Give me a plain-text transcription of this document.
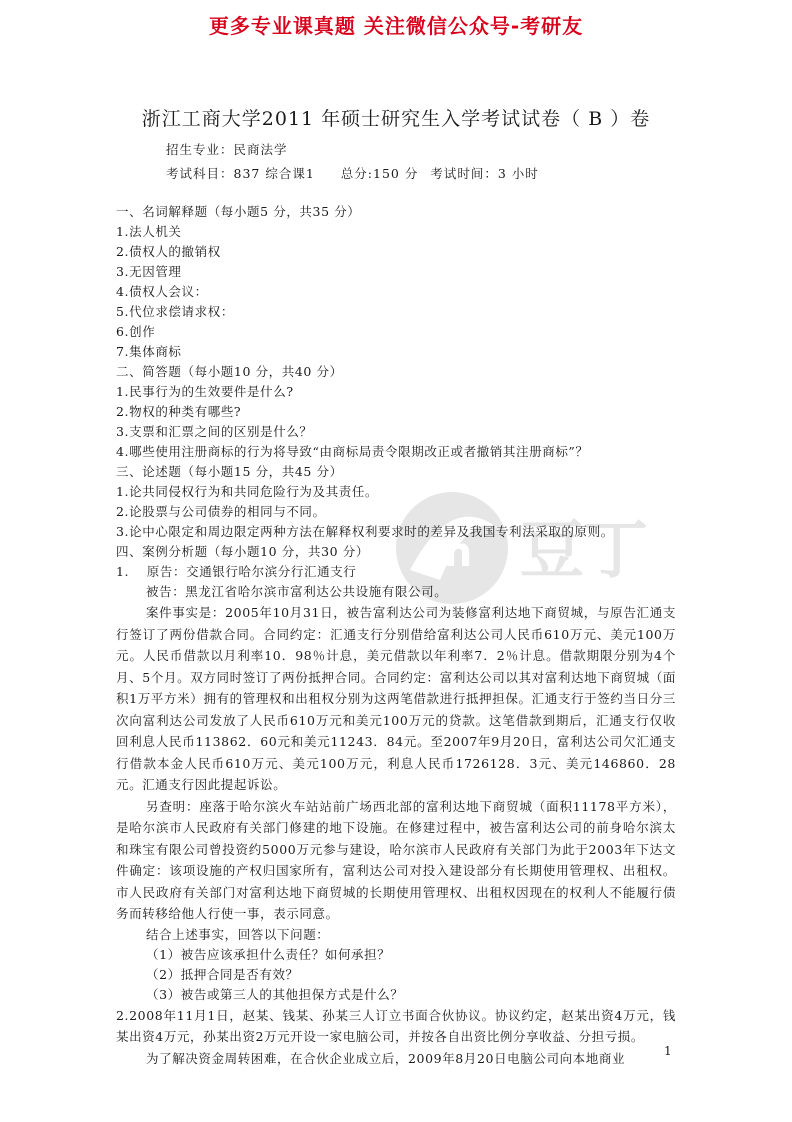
更多专业课真题 关注微信公众号-考研友
in 豆丁
浙江工商大学2011 年硕士研究生入学考试试卷（ B ）卷
招生专业：民商法学
考试科目：837 综合课1 总分:150 分 考试时间：3 小时
一、名词解释题（每小题5 分，共35 分）
1.法人机关
2.债权人的撤销权
3.无因管理
4.债权人会议：
5.代位求偿请求权：
6.创作
7.集体商标
二、简答题（每小题10 分，共40 分）
1.民事行为的生效要件是什么?
2.物权的种类有哪些?
3.支票和汇票之间的区别是什么？
4.哪些使用注册商标的行为将导致“由商标局责令限期改正或者撤销其注册商标”？
三、论述题（每小题15 分，共45 分）
1.论共同侵权行为和共同危险行为及其责任。
2.论股票与公司债券的相同与不同。
3.论中心限定和周边限定两种方法在解释权利要求时的差异及我国专利法采取的原则。
四、案例分析题（每小题10 分，共30 分）
1.　 原告：交通银行哈尔滨分行汇通支行
被告：黑龙江省哈尔滨市富利达公共设施有限公司。
案件事实是：2005年10月31日，被告富利达公司为装修富利达地下商贸城，与原告汇通支行签订了两份借款合同。合同约定：汇通支行分别借给富利达公司人民币610万元、美元100万元。人民币借款以月利率10．98％计息，美元借款以年利率7．2％计息。借款期限分别为4个月、5个月。双方同时签订了两份抵押合同。合同约定：富利达公司以其对富利达地下商贸城（面积1万平方米）拥有的管理权和出租权分别为这两笔借款进行抵押担保。汇通支行于签约当日分三次向富利达公司发放了人民币610万元和美元100万元的贷款。这笔借款到期后，汇通支行仅收回利息人民币113862．60元和美元11243．84元。至2007年9月20日，富利达公司欠汇通支行借款本金人民币610万元、美元100万元，利息人民币1726128．3元、美元146860．28元。汇通支行因此提起诉讼。
另查明：座落于哈尔滨火车站站前广场西北部的富利达地下商贸城（面积11178平方米），是哈尔滨市人民政府有关部门修建的地下设施。在修建过程中，被告富利达公司的前身哈尔滨太和珠宝有限公司曾投资约5000万元参与建设，哈尔滨市人民政府有关部门为此于2003年下达文件确定：该项设施的产权归国家所有，富利达公司对投入建设部分有长期使用管理权、出租权。市人民政府有关部门对富利达地下商贸城的长期使用管理权、出租权因现在的权利人不能履行债务而转移给他人行使一事，表示同意。
结合上述事实，回答以下问题：
（1）被告应该承担什么责任？如何承担？
（2）抵押合同是否有效？
（3）被告或第三人的其他担保方式是什么？
2.2008年11月1日，赵某、钱某、孙某三人订立书面合伙协议。协议约定，赵某出资4万元，钱某出资4万元，孙某出资2万元开设一家电脑公司，并按各自出资比例分享收益、分担亏损。
为了解决资金周转困难，在合伙企业成立后，2009年8月20日电脑公司向本地商业	1
